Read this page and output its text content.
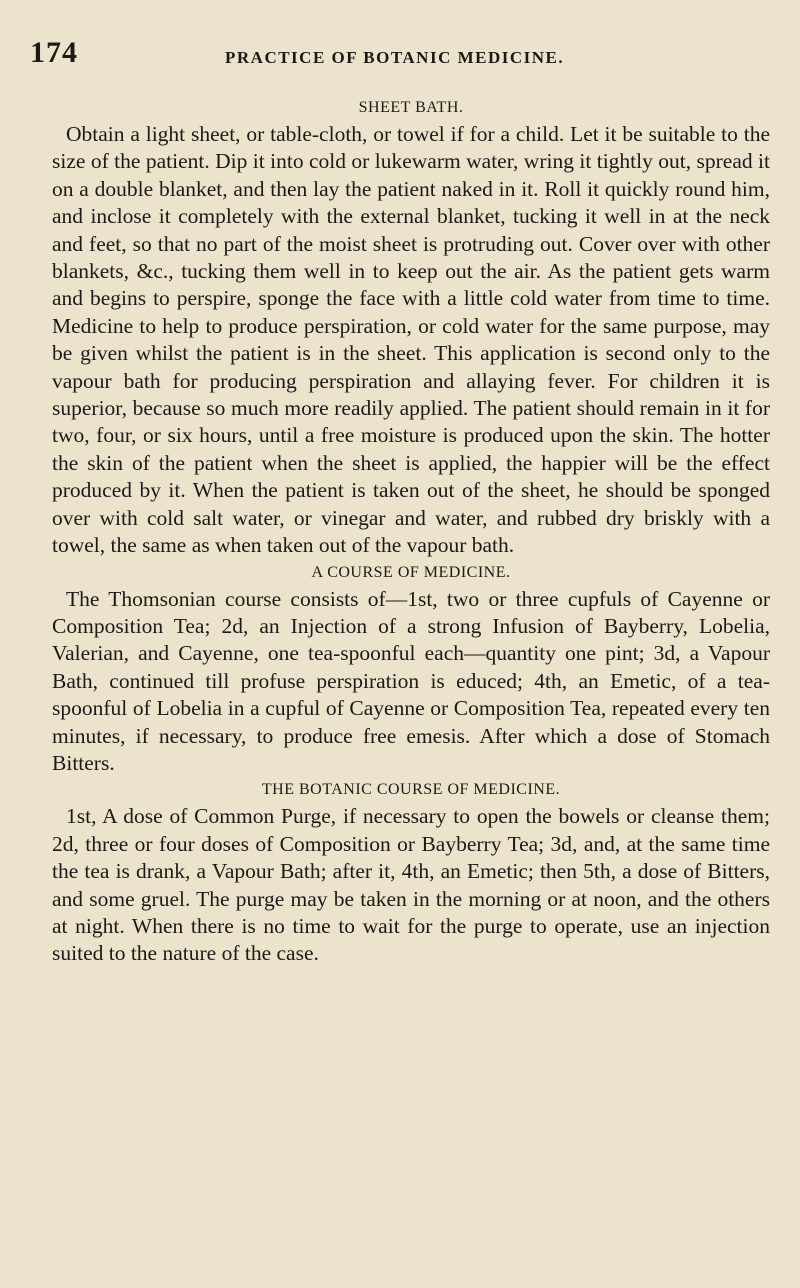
174	PRACTICE OF BOTANIC MEDICINE.
SHEET BATH.

Obtain a light sheet, or table-cloth, or towel if for a child. Let it be suitable to the size of the patient. Dip it into cold or lukewarm water, wring it tightly out, spread it on a double blanket, and then lay the patient naked in it. Roll it quickly round him, and inclose it completely with the external blanket, tucking it well in at the neck and feet, so that no part of the moist sheet is protruding out. Cover over with other blankets, &c., tucking them well in to keep out the air. As the patient gets warm and begins to perspire, sponge the face with a little cold water from time to time. Medicine to help to produce perspiration, or cold water for the same purpose, may be given whilst the patient is in the sheet. This application is second only to the vapour bath for producing perspiration and allaying fever. For children it is superior, because so much more readily applied. The patient should remain in it for two, four, or six hours, until a free moisture is produced upon the skin. The hotter the skin of the patient when the sheet is applied, the happier will be the effect produced by it. When the patient is taken out of the sheet, he should be sponged over with cold salt water, or vinegar and water, and rubbed dry briskly with a towel, the same as when taken out of the vapour bath.

A COURSE OF MEDICINE.

The Thomsonian course consists of—1st, two or three cupfuls of Cayenne or Composition Tea; 2d, an Injection of a strong Infusion of Bayberry, Lobelia, Valerian, and Cayenne, one tea-spoonful each—quantity one pint; 3d, a Vapour Bath, continued till profuse perspiration is educed; 4th, an Emetic, of a tea-spoonful of Lobelia in a cupful of Cayenne or Composition Tea, repeated every ten minutes, if necessary, to produce free emesis. After which a dose of Stomach Bitters.

THE BOTANIC COURSE OF MEDICINE.

1st, A dose of Common Purge, if necessary to open the bowels or cleanse them; 2d, three or four doses of Composition or Bayberry Tea; 3d, and, at the same time the tea is drank, a Vapour Bath; after it, 4th, an Emetic; then 5th, a dose of Bitters, and some gruel. The purge may be taken in the morning or at noon, and the others at night. When there is no time to wait for the purge to operate, use an injection suited to the nature of the case.
